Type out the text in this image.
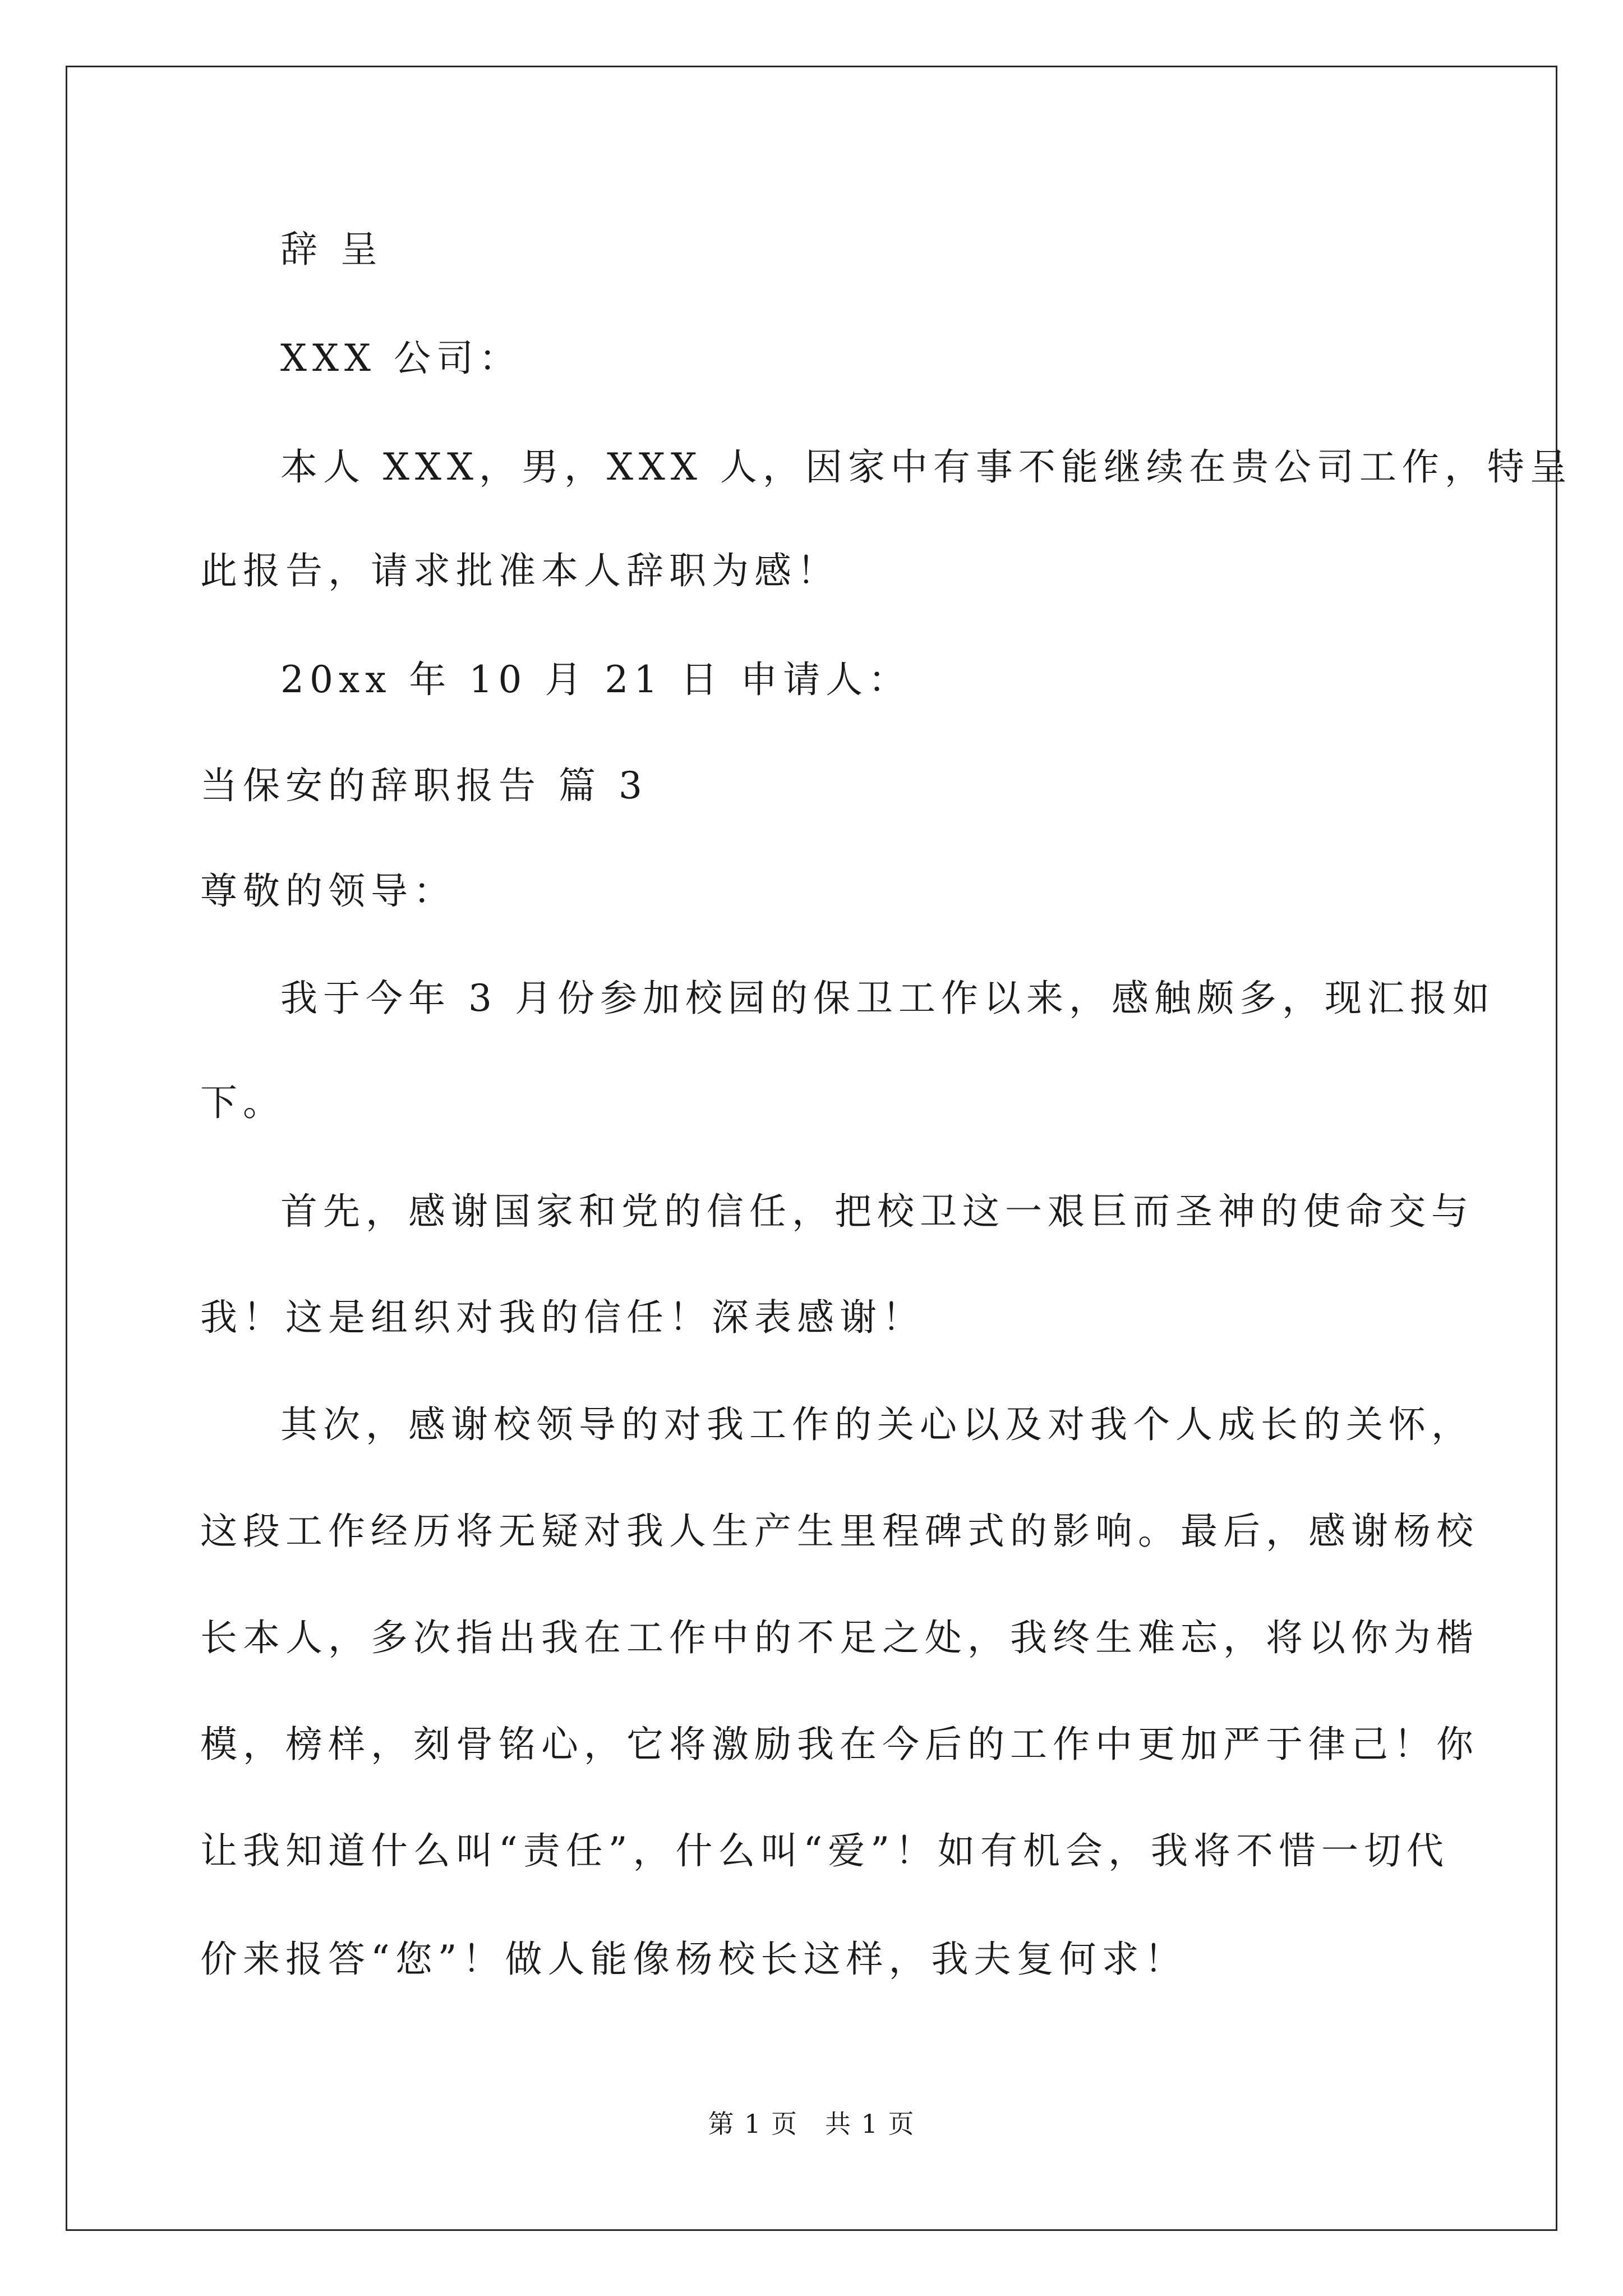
辞 呈
XXX 公司：
本人 XXX，男，XXX 人，因家中有事不能继续在贵公司工作，特呈
此报告，请求批准本人辞职为感！
20xx 年 10 月 21 日 申请人：
当保安的辞职报告 篇 3
尊敬的领导：
我于今年 3 月份参加校园的保卫工作以来，感触颇多，现汇报如
下。
首先，感谢国家和党的信任，把校卫这一艰巨而圣神的使命交与
我！这是组织对我的信任！深表感谢！
其次，感谢校领导的对我工作的关心以及对我个人成长的关怀，
这段工作经历将无疑对我人生产生里程碑式的影响。最后，感谢杨校
长本人，多次指出我在工作中的不足之处，我终生难忘，将以你为楷
模，榜样，刻骨铭心，它将激励我在今后的工作中更加严于律己！你
让我知道什么叫“责任”，什么叫“爱”！如有机会，我将不惜一切代
价来报答“您”！做人能像杨校长这样，我夫复何求！
第 1 页　共 1 页
